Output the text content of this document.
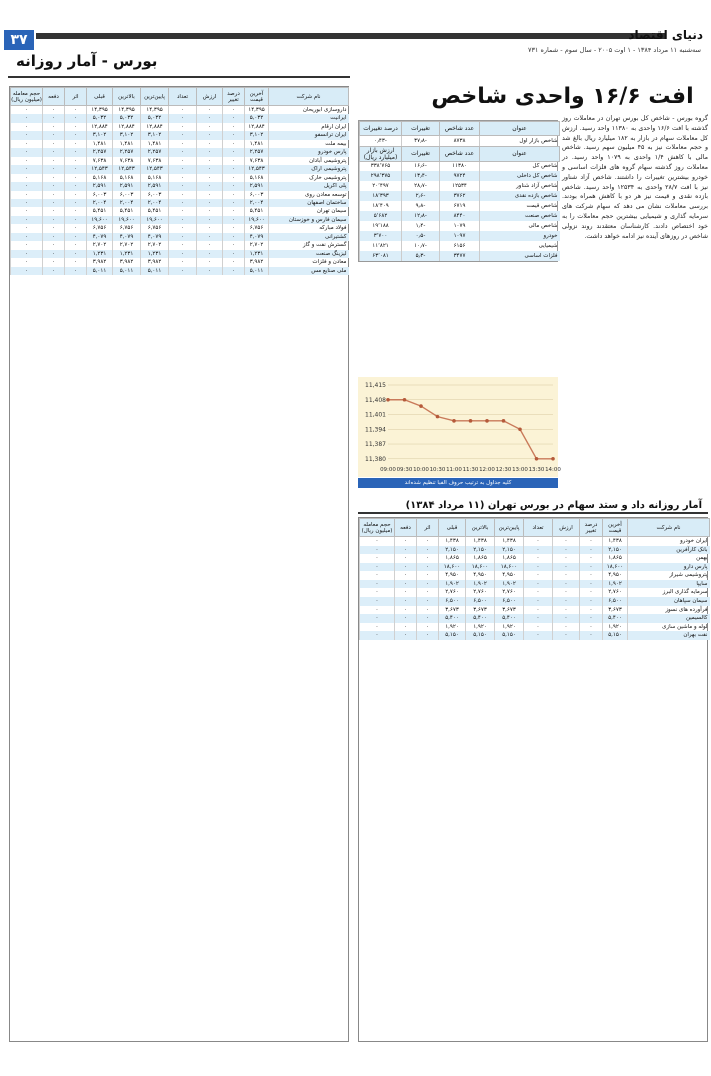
۳۷	دنیای اقتصاد
سه‌شنبه ۱۱ مرداد ۱۳۸۴ - ۱ اوت ۲۰۰۵ - سال سوم - شماره ۷۳۱
بورس - آمار روزانه
نام شرکت	آخرین قیمت	درصد تغییر	ارزش	تعداد	پایین‌ترین	بالاترین	قبلی	اثر	دفعه	حجم معامله (میلیون ریال)
داروسازی ابوریحان	۱۴,۳۹۵	۰	۰	۰	۱۴,۳۹۵	۱۴,۳۹۵	۱۴,۳۹۵	۰	۰	۰
ایرانیت	۵,۰۳۲	۰	۰	۰	۵,۰۳۲	۵,۰۳۲	۵,۰۳۲	۰	۰	۰
ایران ارقام	۱۲,۸۸۴	۰	۰	۰	۱۲,۸۸۴	۱۲,۸۸۴	۱۲,۸۸۴	۰	۰	۰
ایران ترانسفو	۳,۱۰۲	۰	۰	۰	۳,۱۰۲	۳,۱۰۲	۳,۱۰۲	۰	۰	۰
بیمه ملت	۱,۴۸۱	۰	۰	۰	۱,۴۸۱	۱,۴۸۱	۱,۴۸۱	۰	۰	۰
پارس خودرو	۲,۲۵۷	۰	۰	۰	۲,۲۵۷	۲,۲۵۷	۲,۲۵۷	۰	۰	۰
پتروشیمی آبادان	۷,۶۳۸	۰	۰	۰	۷,۶۳۸	۷,۶۳۸	۷,۶۳۸	۰	۰	۰
پتروشیمی اراک	۱۲,۵۴۳	۰	۰	۰	۱۲,۵۴۳	۱۲,۵۴۳	۱۲,۵۴۳	۰	۰	۰
پتروشیمی خارک	۵,۱۶۸	۰	۰	۰	۵,۱۶۸	۵,۱۶۸	۵,۱۶۸	۰	۰	۰
پلی اکریل	۲,۵۹۱	۰	۰	۰	۲,۵۹۱	۲,۵۹۱	۲,۵۹۱	۰	۰	۰
توسعه معادن روی	۶,۰۰۳	۰	۰	۰	۶,۰۰۳	۶,۰۰۳	۶,۰۰۳	۰	۰	۰
ساختمان اصفهان	۲,۰۰۴	۰	۰	۰	۲,۰۰۴	۲,۰۰۴	۲,۰۰۴	۰	۰	۰
سیمان تهران	۵,۴۵۱	۰	۰	۰	۵,۴۵۱	۵,۴۵۱	۵,۴۵۱	۰	۰	۰
سیمان فارس و خوزستان	۱۹,۶۰۰	۰	۰	۰	۱۹,۶۰۰	۱۹,۶۰۰	۱۹,۶۰۰	۰	۰	۰
فولاد مبارکه	۶,۷۵۶	۰	۰	۰	۶,۷۵۶	۶,۷۵۶	۶,۷۵۶	۰	۰	۰
کشتیرانی	۴,۰۷۹	۰	۰	۰	۴,۰۷۹	۴,۰۷۹	۴,۰۷۹	۰	۰	۰
گسترش نفت و گاز	۲,۷۰۲	۰	۰	۰	۲,۷۰۲	۲,۷۰۲	۲,۷۰۲	۰	۰	۰
لیزینگ صنعت	۱,۲۳۱	۰	۰	۰	۱,۲۳۱	۱,۲۳۱	۱,۲۳۱	۰	۰	۰
معادن و فلزات	۳,۹۸۲	۰	۰	۰	۳,۹۸۲	۳,۹۸۲	۳,۹۸۲	۰	۰	۰
ملی صنایع مس	۵,۰۱۱	۰	۰	۰	۵,۰۱۱	۵,۰۱۱	۵,۰۱۱	۰	۰	۰
افت ۱۶/۶ واحدی شاخص
عنوان	عدد شاخص	تغییرات	درصد تغییرات
شاخص بازار اول	۸۷۳۸	-۳۷٫۸	-۰٫۴۳
عنوان	عدد شاخص	تغییرات	ارزش بازار (میلیارد ریال)
شاخص کل	۱۱۳۸۰	-۱۶٫۶	۳۳۸٬۷۶۵
شاخص کل داخلی	۹۷۲۴	-۱۳٫۴	۲۹۸٬۳۷۵
شاخص آزاد شناور	۱۲۵۳۴	-۲۸٫۷	۲۰٬۴۹۷
شاخص بازده نقدی	۳۷۶۲	-۲٫۶	۱۸٬۳۹۳
شاخص قیمت	۶۷۱۹	-۹٫۸	۱۸٬۴۰۹
شاخص صنعت	۸۴۴۰	-۱۲٫۸	۵٬۶۸۲
شاخص مالی	۱۰۷۹	-۱٫۴	۱۹٬۱۸۸
خودرو	۱۰۹۷	-۰٫۵	۳٬۷۰۰
شیمیایی	۶۱۵۶	-۱۰٫۷	۱۱٬۸۲۱
فلزات اساسی	۳۴۷۷	-۵٫۳	۶۳٬۰۸۱
گروه بورس - شاخص کل بورس تهران در معاملات روز گذشته با افت ۱۶/۶ واحدی به ۱۱۳۸۰ واحد رسید. ارزش کل معاملات سهام در بازار به ۱۸۲ میلیارد ریال بالغ شد و حجم معاملات نیز به ۴۵ میلیون سهم رسید. شاخص مالی با کاهش ۱/۴ واحدی به ۱۰۷۹ واحد رسید. در معاملات روز گذشته سهام گروه های فلزات اساسی و خودرو بیشترین تغییرات را داشتند. شاخص آزاد شناور نیز با افت ۲۸/۷ واحدی به ۱۲۵۳۴ واحد رسید. شاخص بازده نقدی و قیمت نیز هر دو با کاهش همراه بودند. بررسی معاملات نشان می دهد که سهام شرکت های سرمایه گذاری و شیمیایی بیشترین حجم معاملات را به خود اختصاص دادند. کارشناسان معتقدند روند نزولی شاخص در روزهای آینده نیز ادامه خواهد داشت.
11,415
11,408
11,401
11,394
11,387
11,380
09:00 09:30 10:00 10:30 11:00 11:30 12:00 12:30 13:00 13:30 14:00
کلیه جداول به ترتیب حروف الفبا تنظیم شده‌اند
آمار روزانه داد و ستد سهام در بورس تهران (۱۱ مرداد ۱۳۸۴)
نام شرکت	آخرین قیمت	درصد تغییر	ارزش	تعداد	پایین‌ترین	بالاترین	قبلی	اثر	دفعه	حجم معامله (میلیون ریال)
ایران خودرو	۱,۴۳۸	۰	۰	۰	۱,۴۳۸	۱,۴۳۸	۱,۴۳۸	۰	۰	۰
بانک کارآفرین	۲,۱۵۰	۰	۰	۰	۲,۱۵۰	۲,۱۵۰	۲,۱۵۰	۰	۰	۰
بهمن	۱,۸۶۵	۰	۰	۰	۱,۸۶۵	۱,۸۶۵	۱,۸۶۵	۰	۰	۰
پارس دارو	۱۸,۶۰۰	۰	۰	۰	۱۸,۶۰۰	۱۸,۶۰۰	۱۸,۶۰۰	۰	۰	۰
پتروشیمی شیراز	۴,۹۵۰	۰	۰	۰	۴,۹۵۰	۴,۹۵۰	۴,۹۵۰	۰	۰	۰
سایپا	۱,۹۰۲	۰	۰	۰	۱,۹۰۲	۱,۹۰۲	۱,۹۰۲	۰	۰	۰
سرمایه گذاری البرز	۲,۷۶۰	۰	۰	۰	۲,۷۶۰	۲,۷۶۰	۲,۷۶۰	۰	۰	۰
سیمان سپاهان	۶,۵۰۰	۰	۰	۰	۶,۵۰۰	۶,۵۰۰	۶,۵۰۰	۰	۰	۰
فرآورده های نسوز	۳,۶۷۳	۰	۰	۰	۳,۶۷۳	۳,۶۷۳	۳,۶۷۳	۰	۰	۰
کالسیمین	۵,۴۰۰	۰	۰	۰	۵,۴۰۰	۵,۴۰۰	۵,۴۰۰	۰	۰	۰
لوله و ماشین سازی	۱,۹۲۰	۰	۰	۰	۱,۹۲۰	۱,۹۲۰	۱,۹۲۰	۰	۰	۰
نفت بهران	۵,۱۵۰	۰	۰	۰	۵,۱۵۰	۵,۱۵۰	۵,۱۵۰	۰	۰	۰
